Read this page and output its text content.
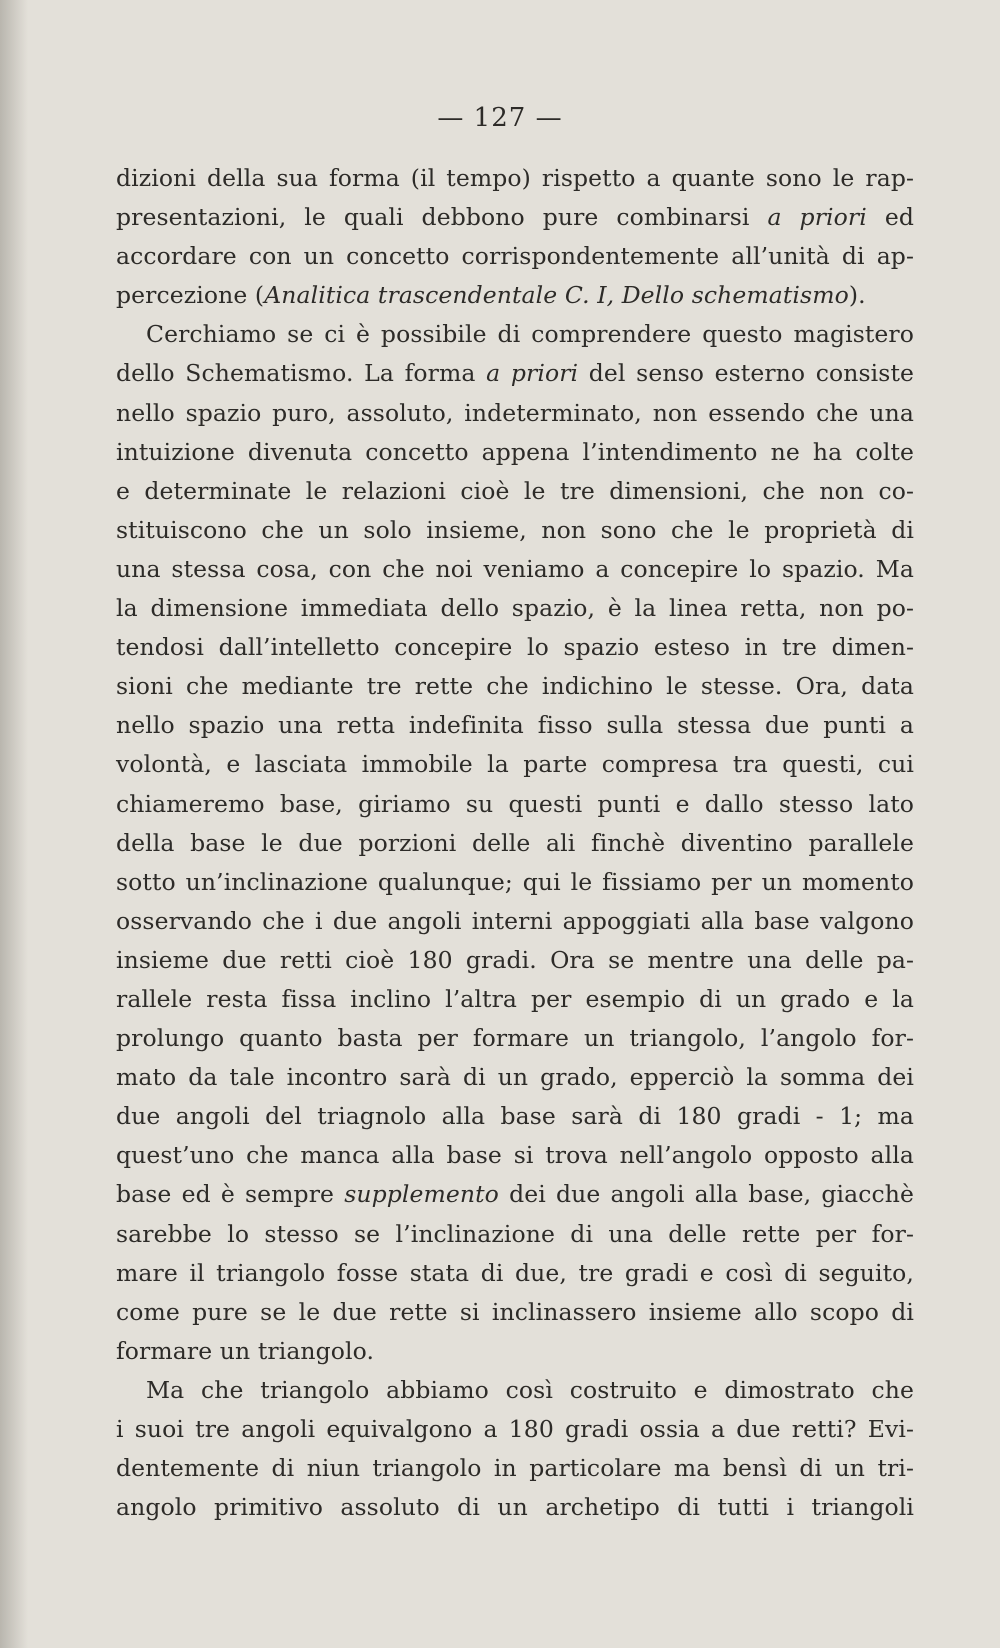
— 127 —
dizioni della sua forma (il tempo) rispetto a quante sono le rap-
presentazioni, le quali debbono pure combinarsi a priori ed
accordare con un concetto corrispondentemente all’unità di ap-
percezione (Analitica trascendentale C. I, Dello schematismo).
Cerchiamo se ci è possibile di comprendere questo magistero
dello Schematismo. La forma a priori del senso esterno consiste
nello spazio puro, assoluto, indeterminato, non essendo che una
intuizione divenuta concetto appena l’intendimento ne ha colte
e determinate le relazioni cioè le tre dimensioni, che non co-
stituiscono che un solo insieme, non sono che le proprietà di
una stessa cosa, con che noi veniamo a concepire lo spazio. Ma
la dimensione immediata dello spazio, è la linea retta, non po-
tendosi dall’intelletto concepire lo spazio esteso in tre dimen-
sioni che mediante tre rette che indichino le stesse. Ora, data
nello spazio una retta indefinita fisso sulla stessa due punti a
volontà, e lasciata immobile la parte compresa tra questi, cui
chiameremo base, giriamo su questi punti e dallo stesso lato
della base le due porzioni delle ali finchè diventino parallele
sotto un’inclinazione qualunque; qui le fissiamo per un momento
osservando che i due angoli interni appoggiati alla base valgono
insieme due retti cioè 180 gradi. Ora se mentre una delle pa-
rallele resta fissa inclino l’altra per esempio di un grado e la
prolungo quanto basta per formare un triangolo, l’angolo for-
mato da tale incontro sarà di un grado, epperciò la somma dei
due angoli del triagnolo alla base sarà di 180 gradi - 1; ma
quest’uno che manca alla base si trova nell’angolo opposto alla
base ed è sempre supplemento dei due angoli alla base, giacchè
sarebbe lo stesso se l’inclinazione di una delle rette per for-
mare il triangolo fosse stata di due, tre gradi e così di seguito,
come pure se le due rette si inclinassero insieme allo scopo di
formare un triangolo.
Ma che triangolo abbiamo così costruito e dimostrato che
i suoi tre angoli equivalgono a 180 gradi ossia a due retti? Evi-
dentemente di niun triangolo in particolare ma bensì di un tri-
angolo primitivo assoluto di un archetipo di tutti i triangoli
